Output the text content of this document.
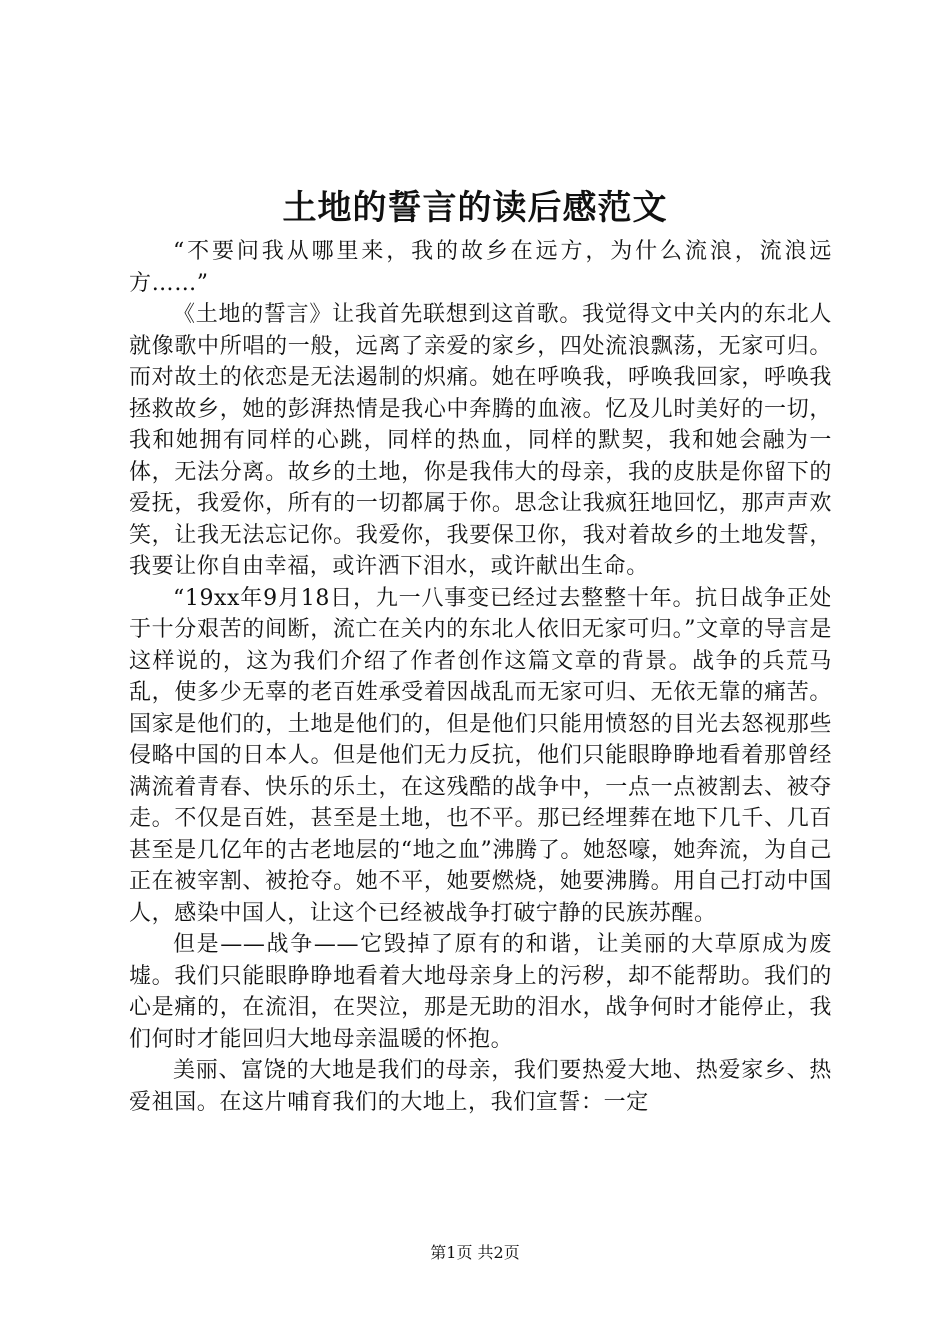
土地的誓言的读后感范文

“不要问我从哪里来，我的故乡在远方，为什么流浪，流浪远方……”

《土地的誓言》让我首先联想到这首歌。我觉得文中关内的东北人就像歌中所唱的一般，远离了亲爱的家乡，四处流浪飘荡，无家可归。而对故土的依恋是无法遏制的炽痛。她在呼唤我，呼唤我回家，呼唤我拯救故乡，她的彭湃热情是我心中奔腾的血液。忆及儿时美好的一切，我和她拥有同样的心跳，同样的热血，同样的默契，我和她会融为一体，无法分离。故乡的土地，你是我伟大的母亲，我的皮肤是你留下的爱抚，我爱你，所有的一切都属于你。思念让我疯狂地回忆，那声声欢笑，让我无法忘记你。我爱你，我要保卫你，我对着故乡的土地发誓，我要让你自由幸福，或许洒下泪水，或许献出生命。

“19xx年9月18日，九一八事变已经过去整整十年。抗日战争正处于十分艰苦的间断，流亡在关内的东北人依旧无家可归。”文章的导言是这样说的，这为我们介绍了作者创作这篇文章的背景。战争的兵荒马乱，使多少无辜的老百姓承受着因战乱而无家可归、无依无靠的痛苦。国家是他们的，土地是他们的，但是他们只能用愤怒的目光去怒视那些侵略中国的日本人。但是他们无力反抗，他们只能眼睁睁地看着那曾经满流着青春、快乐的乐土，在这残酷的战争中，一点一点被割去、被夺走。不仅是百姓，甚至是土地，也不平。那已经埋葬在地下几千、几百甚至是几亿年的古老地层的“地之血”沸腾了。她怒嚎，她奔流，为自己正在被宰割、被抢夺。她不平，她要燃烧，她要沸腾。用自己打动中国人，感染中国人，让这个已经被战争打破宁静的民族苏醒。

但是——战争——它毁掉了原有的和谐，让美丽的大草原成为废墟。我们只能眼睁睁地看着大地母亲身上的污秽，却不能帮助。我们的心是痛的，在流泪，在哭泣，那是无助的泪水，战争何时才能停止，我们何时才能回归大地母亲温暖的怀抱。

美丽、富饶的大地是我们的母亲，我们要热爱大地、热爱家乡、热爱祖国。在这片哺育我们的大地上，我们宣誓：一定

第1页 共2页
